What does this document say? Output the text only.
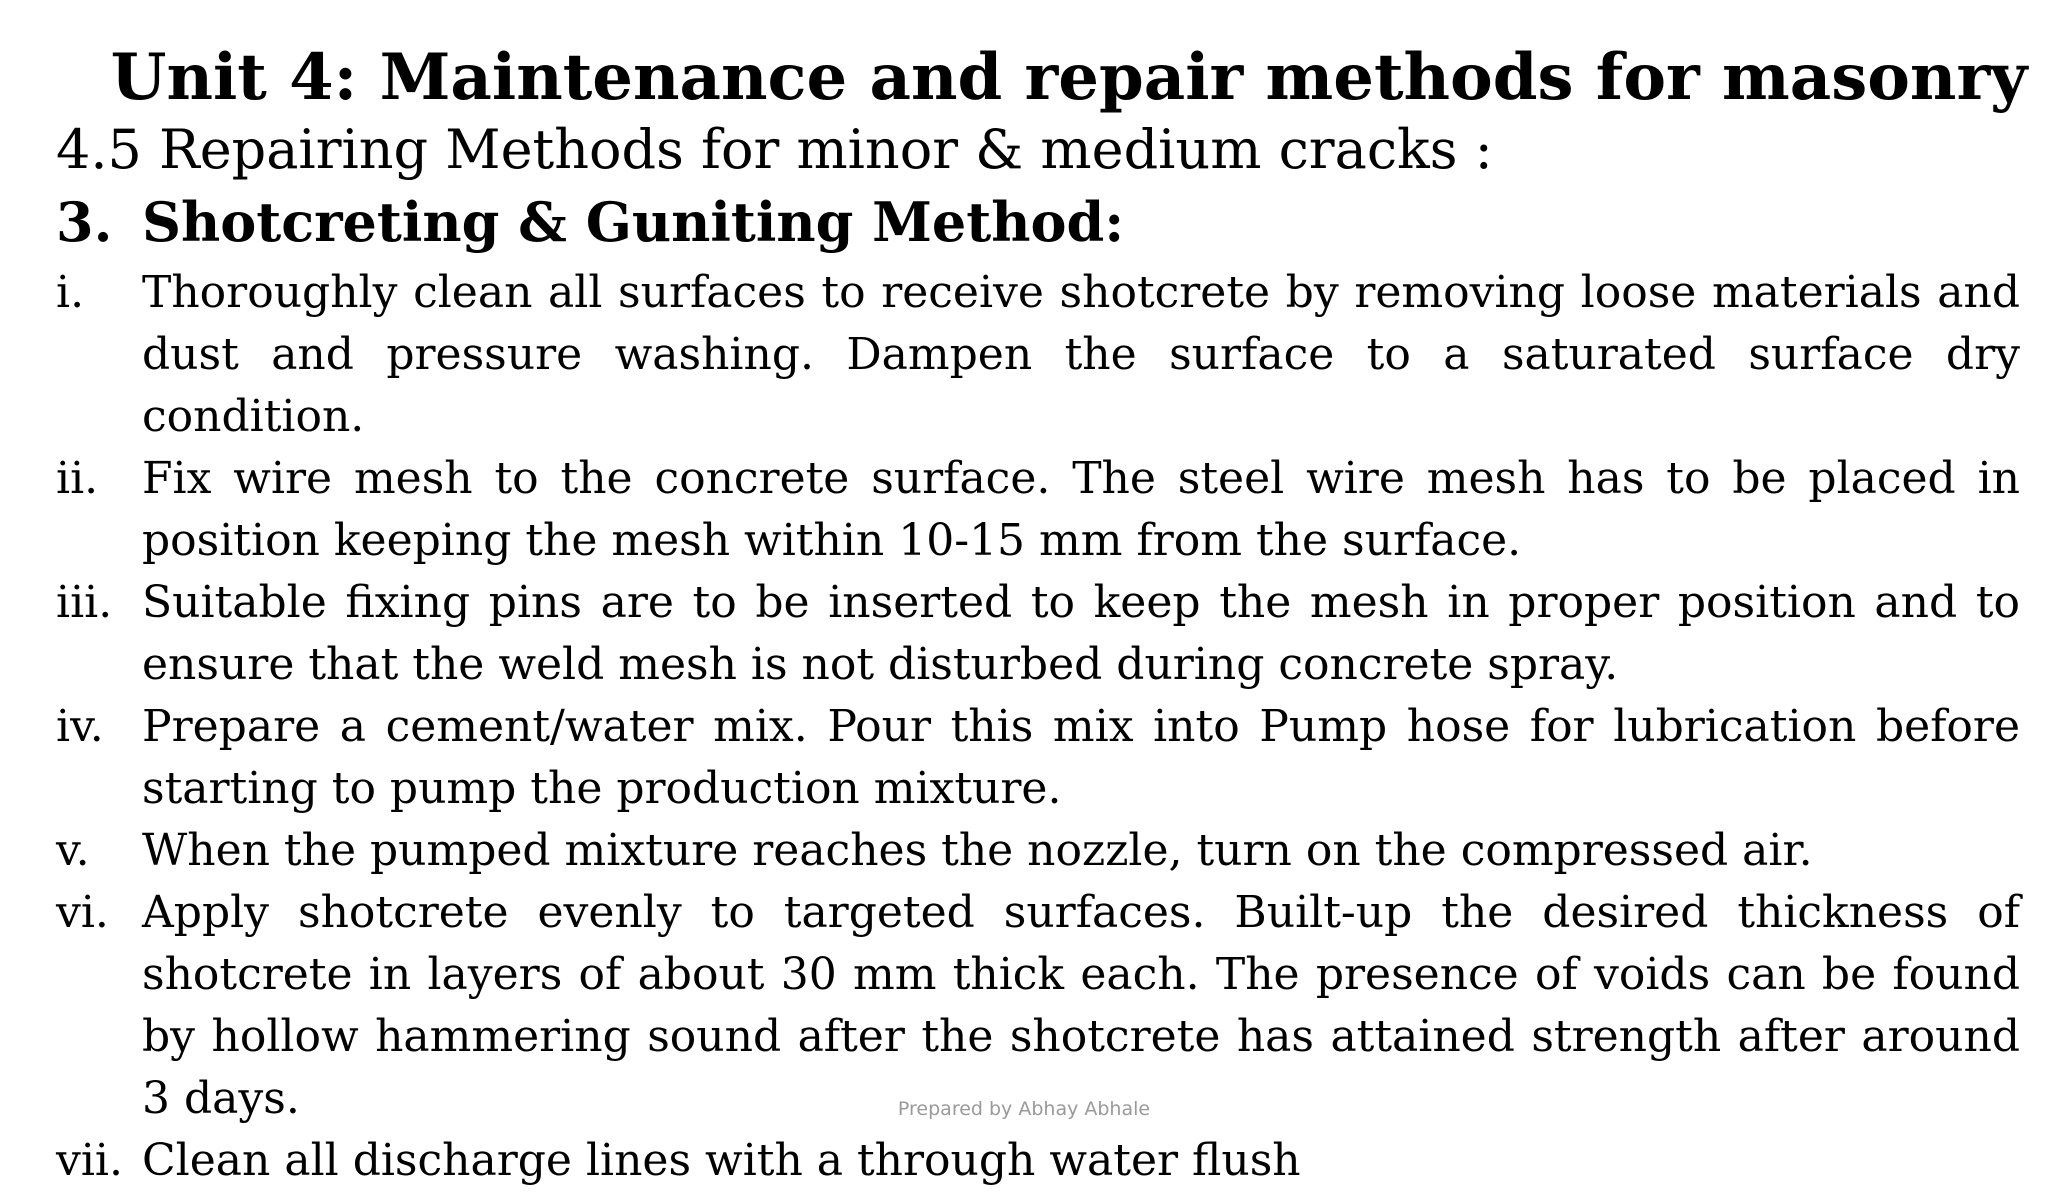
Unit 4: Maintenance and repair methods for masonry
4.5 Repairing Methods for minor & medium cracks :
3. Shotcreting & Guniting Method:
i.	Thoroughly clean all surfaces to receive shotcrete by removing loose materials and dust and pressure washing. Dampen the surface to a saturated surface dry condition.
ii. Fix wire mesh to the concrete surface. The steel wire mesh has to be placed in position keeping the mesh within 10-15 mm from the surface.
iii. Suitable fixing pins are to be inserted to keep the mesh in proper position and to ensure that the weld mesh is not disturbed during concrete spray.
iv. Prepare a cement/water mix. Pour this mix into Pump hose for lubrication before starting to pump the production mixture.
v.	When the pumped mixture reaches the nozzle, turn on the compressed air.
vi. Apply shotcrete evenly to targeted surfaces. Built-up the desired thickness of shotcrete in layers of about 30 mm thick each. The presence of voids can be found by hollow hammering sound after the shotcrete has attained strength after around 3 days.
vii. Clean all discharge lines with a through water flush
Prepared by Abhay Abhale
